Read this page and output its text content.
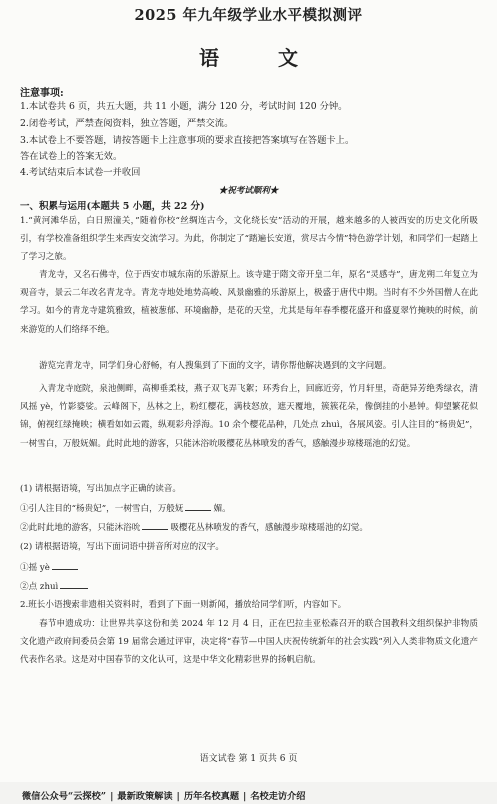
2025 年九年级学业水平模拟测评
语 文
注意事项:
1.本试卷共 6 页，共五大题，共 11 小题，满分 120 分，考试时间 120 分钟。
2.闭卷考试，严禁查阅资料，独立答题，严禁交流。
3.本试卷上不要答题，请按答题卡上注意事项的要求直接把答案填写在答题卡上。
答在试卷上的答案无效。
4.考试结束后本试卷一并收回
★祝考试顺利★
一、积累与运用(本题共 5 小题，共 22 分)

1.“黄河滩华岳，白日照潼关，”随着你校“丝绸连古今，文化绕长安”活动的开展，越来越多的人被西安的历史文化所吸引，有学校准备组织学生来西安交流学习。为此，你制定了“踏遍长安道，赏尽古今情”特色游学计划，和同学们一起踏上了学习之旅。

青龙寺，又名石佛寺，位于西安市城东南的乐游原上。该寺建于隋文帝开皇二年，原名“灵感寺”，唐龙朔二年复立为观音寺，景云二年改名青龙寺。青龙寺地处地势高峻、风景幽雅的乐游原上，极盛于唐代中期。当时有不少外国僧人在此学习。如今的青龙寺建筑雅致，植被葱郁、环境幽静，是花的天堂，尤其是每年春季樱花盛开和盛夏翠竹掩映的时候，前来游览的人们络绎不绝。

游览完青龙寺，同学们身心舒畅，有人搜集到了下面的文字，请你帮他解决遇到的文字问题。

入青龙寺庭院，泉池侧畔，高柳垂柔枝，燕子双飞弄飞絮；环秀台上，回廊近旁，竹月轩里，奇葩异芳绝秀绿衣，清风摇 yè，竹影婆娑。云峰阁下，丛林之上，粉红樱花，满枝怒放，遮天覆地，簇簇花朵，像倒挂的小悬钟。仰望繁花似锦，俯视红绿掩映；横看如如云霞，纵观彩舟浮海。10 余个樱花品种，几处点 zhuì，各展风姿。引人注目的“杨贵妃”，一树雪白，万般妩媚。此时此地的游客，只能沐浴吮吸樱花丛林喷发的香气，感触漫步琼楼瑶池的幻觉。

(1) 请根据语境，写出加点字正确的读音。
①引人注目的“杨贵妃”，一树雪白，万般妩	媚。
②此时此地的游客，只能沐浴吮	吸樱花丛林喷发的香气，感触漫步琼楼瑶池的幻觉。
(2) 请根据语境，写出下面词语中拼音所对应的汉字。
①摇 yè
②点 zhuì
2.班长小语搜索非遗相关资料时，看到了下面一则新闻，播放给同学们听，内容如下。

春节申遗成功：让世界共享这份和美 2024 年 12 月 4 日，正在巴拉圭亚松森召开的联合国教科文组织保护非物质文化遗产政府间委员会第 19 届常会通过评审，决定将“春节—中国人庆祝传统新年的社会实践”列入人类非物质文化遗产代表作名录。这是对中国春节的文化认可，这是中华文化精彩世界的扬帆启航。

语文试卷 第 1 页共 6 页
微信公众号“云探校” | 最新政策解读 | 历年名校真题 | 名校走访介绍
